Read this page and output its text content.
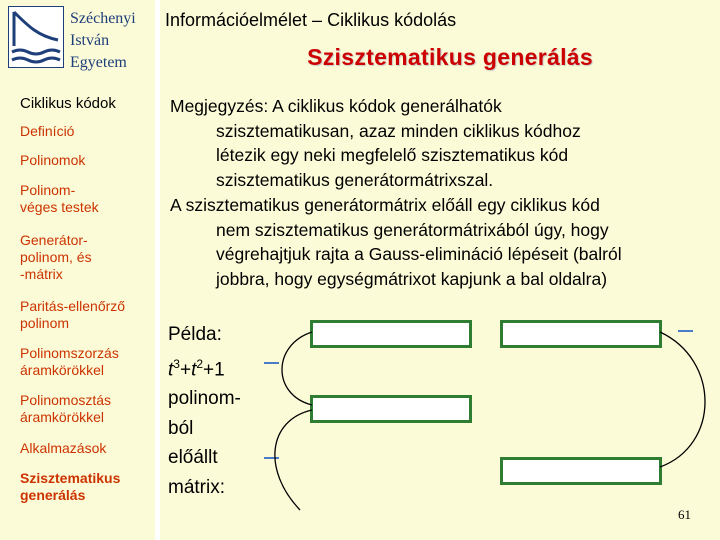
Széchenyi
István
Egyetem
Ciklikus kódok
Definíció
Polinomok
Polinom-
véges testek
Generátor-
polinom, és
-mátrix
Paritás-ellenőrző
polinom
Polinomszorzás
áramkörökkel
Polinomosztás
áramkörökkel
Alkalmazások
Szisztematikus
generálás
Információelmélet – Ciklikus kódolás
Szisztematikus generálás

Megjegyzés: A ciklikus kódok generálhatók
szisztematikusan, azaz minden ciklikus kódhoz
létezik egy neki megfelelő szisztematikus kód
szisztematikus generátormátrixszal.

A szisztematikus generátormátrix előáll egy ciklikus kód
nem szisztematikus generátormátrixából úgy, hogy
végrehajtjuk rajta a Gauss-elimináció lépéseit (balról
jobbra, hogy egységmátrixot kapjunk a bal oldalra)

61
Példa:
$t^3+t^2+1$
polinom-
ból
előállt
mátrix:
